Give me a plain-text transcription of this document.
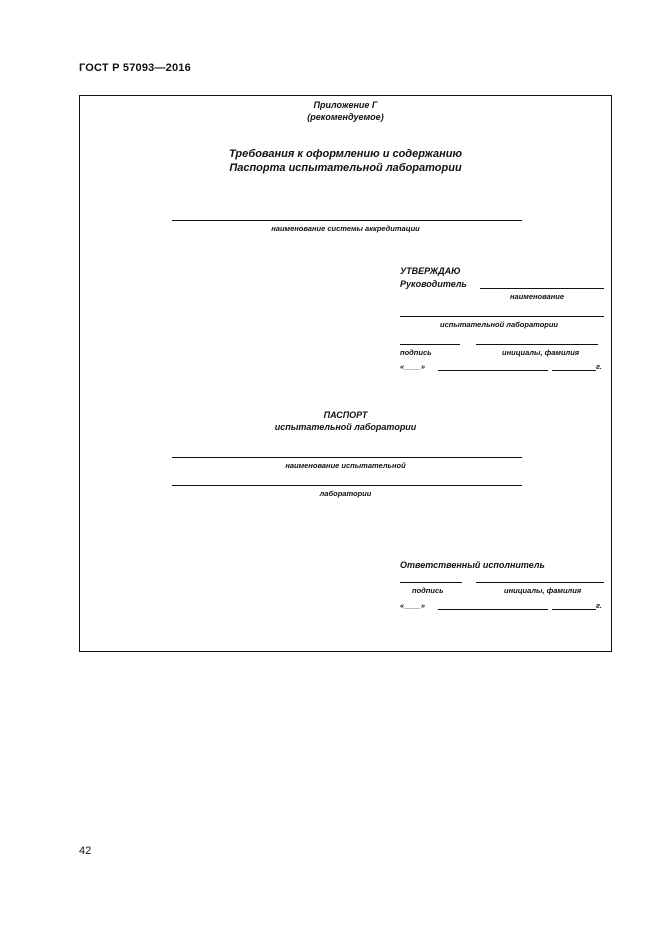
ГОСТ Р 57093—2016
Приложение Г
(рекомендуемое)
Требования к оформлению и содержанию
Паспорта испытательной лаборатории
наименование системы аккредитации
УТВЕРЖДАЮ
Руководитель
наименование
испытательной лаборатории
подпись	инициалы, фамилия
«____»	г.
ПАСПОРТ
испытательной лаборатории
наименование испытательной
лаборатории
Ответственный исполнитель
подпись	инициалы, фамилия
«____»	г.
42
